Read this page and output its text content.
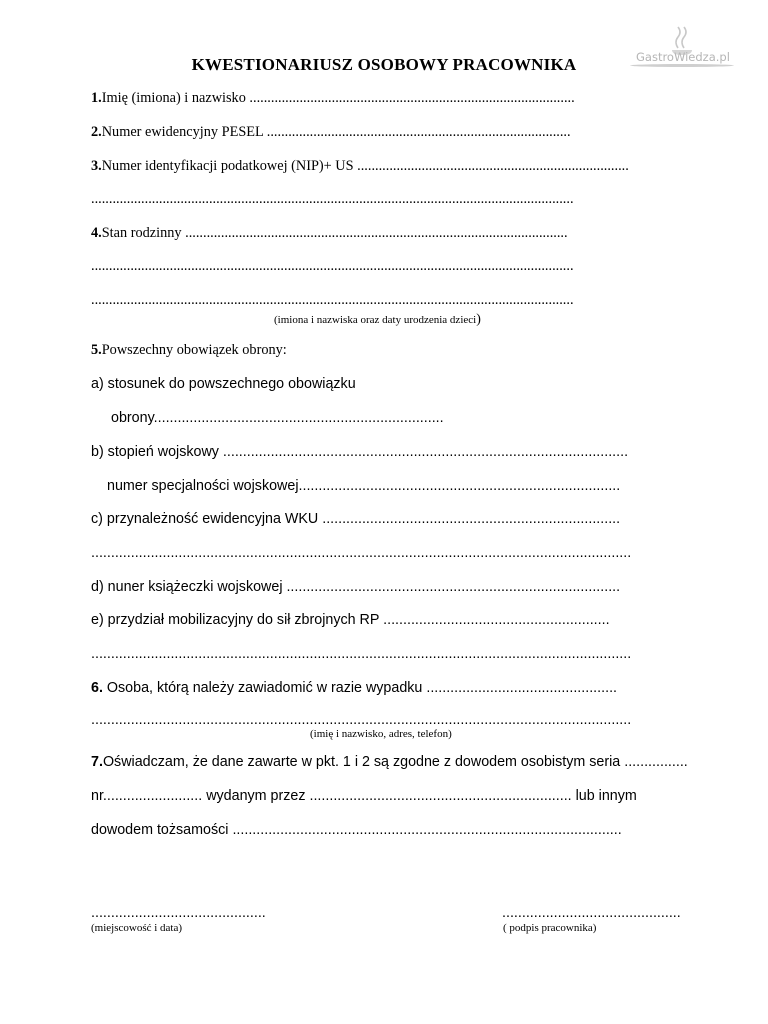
GastroWiedza.pl
KWESTIONARIUSZ OSOBOWY PRACOWNIKA
1.Imię (imiona) i nazwisko ...........................................................................................
2.Numer ewidencyjny PESEL .....................................................................................
3.Numer identyfikacji podatkowej (NIP)+ US ............................................................................
.......................................................................................................................................
4.Stan rodzinny ...........................................................................................................
.......................................................................................................................................
.......................................................................................................................................
(imiona i nazwiska oraz daty urodzenia dzieci)
5.Powszechny obowiązek obrony:
a) stosunek do powszechnego obowiązku
obrony.........................................................................
b) stopień wojskowy ......................................................................................................
numer specjalności wojskowej.................................................................................
c) przynależność ewidencyjna WKU ...........................................................................
........................................................................................................................................
d) nuner książeczki wojskowej ....................................................................................
e) przydział mobilizacyjny do sił zbrojnych RP .........................................................
........................................................................................................................................
6. Osoba, którą należy zawiadomić w razie wypadku ................................................
........................................................................................................................................
(imię i nazwisko, adres, telefon)
7.Oświadczam, że dane zawarte w pkt. 1 i 2 są zgodne z dowodem osobistym seria ................
nr......................... wydanym przez .................................................................. lub innym
dowodem tożsamości ..................................................................................................
............................................
(miejscowość i data)
.............................................
( podpis pracownika)
